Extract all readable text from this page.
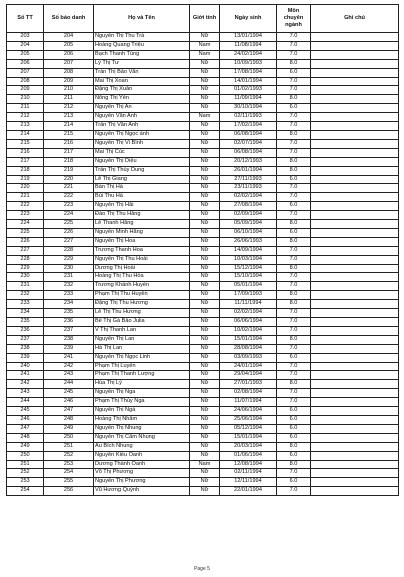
Số TT	Số báo danh	Họ và Tên	Giới tính	Ngày sinh	Môn chuyên ngành	Ghi chú
203	204	Nguyễn Thị Thu Trà	Nữ	13/01/1994	7.0	
204	205	Hoàng Quang Triệu	Nam	11/08/1994	7.0	
205	206	Bạch Thanh Tùng	Nam	24/02/1994	7.0	
206	207	Lý Thị Tư	Nữ	10/09/1993	8.0	
207	208	Trần Thị Bảo Vân	Nữ	17/08/1994	6.0	
208	209	Mai Thị Xoan	Nữ	14/01/1994	7.0	
209	210	Đặng Thị Xuân	Nữ	01/02/1993	7.0	
210	211	Nông Thị Yến	Nữ	11/09/1994	8.0	
211	212	Nguyễn Thị An	Nữ	30/10/1994	6.0	
212	213	Nguyễn Văn Anh	Nam	02/11/1993	7.0	
213	214	Trần Thị Vân Anh	Nữ	17/02/1994	7.0	
214	215	Nguyễn Thị Ngọc ánh	Nữ	06/08/1994	8.0	
215	216	Nguyễn Thị Vi Bình	Nữ	02/07/1994	7.0	
216	217	Mai Thị Cúc	Nữ	06/08/1994	7.0	
217	218	Nguyễn Thị Diệu	Nữ	20/12/1993	8.0	
218	219	Trần Thị Thùy Dung	Nữ	26/01/1994	8.0	
219	220	Lê Thị Giang	Nữ	27/11/1993	6.0	
220	221	Bàn Thị Hà	Nữ	23/11/1993	7.0	
221	222	Bùi Thu Hà	Nữ	02/02/1994	7.0	
222	223	Nguyễn Thị Hải	Nữ	27/08/1994	6.0	
223	224	Đào Thị Thu Hằng	Nữ	02/09/1994	7.0	
224	225	Lê Thanh Hằng	Nữ	05/09/1994	8.0	
225	226	Nguyễn Minh Hằng	Nữ	06/10/1994	6.0	
226	227	Nguyễn Thị Hoa	Nữ	26/06/1993	8.0	
227	228	Trương Thanh Hoa	Nữ	14/09/1994	7.0	
228	229	Nguyễn Thị Thu Hoài	Nữ	10/03/1994	7.0	
229	230	Dương Thị Hoài	Nữ	15/12/1994	8.0	
230	231	Hoàng Thị Thu Hòa	Nữ	15/10/1994	7.0	
231	232	Trương Khánh Huyền	Nữ	05/01/1994	7.0	
232	233	Phạm Thị Thu Huyền	Nữ	17/09/1993	8.0	
233	234	Đặng Thị Thu Hương	Nữ	11/11/1994	8.0	
234	235	Lê Thị Thu Hương	Nữ	02/02/1994	7.0	
235	236	Bế Thị Gà Bảo Julia	Nữ	06/06/1994	7.0	
236	237	V Thị Thanh Lan	Nữ	10/02/1994	7.0	
237	238	Nguyễn Thị Lan	Nữ	15/01/1994	8.0	
238	239	Hà Thị Lan	Nữ	28/08/1994	7.0	
239	241	Nguyễn Thị Ngọc Linh	Nữ	03/09/1993	6.0	
240	242	Phạm Thị Luyến	Nữ	24/01/1994	7.0	
241	243	Phạm Thị Thanh Lượng	Nữ	29/04/1994	7.0	
242	244	Hùa Thị Lý	Nữ	27/01/1993	8.0	
243	245	Nguyễn Thị Nga	Nữ	02/08/1994	7.0	
244	246	Phạm Thị Thùy Nga	Nữ	11/07/1994	7.0	
245	247	Nguyễn Thị Ngà	Nữ	24/06/1994	6.0	
246	248	Hoàng Thị Nhâm	Nữ	25/06/1994	6.0	
247	249	Nguyễn Thị Nhung	Nữ	05/12/1994	6.0	
248	250	Nguyễn Thị Cẩm Nhung	Nữ	15/01/1994	6.0	
249	251	Âu Bích Nhung	Nữ	20/03/1994	8.0	
250	252	Nguyễn Kiều Oanh	Nữ	01/06/1994	6.0	
251	253	Dương Thành Oanh	Nam	12/08/1994	8.0	
252	254	Võ Thị Phương	Nữ	02/11/1994	7.0	
253	255	Nguyễn Thị Phương	Nữ	12/11/1994	6.0	
254	256	Vũ Hương Quỳnh	Nữ	22/01/1994	7.0	
Page 5
